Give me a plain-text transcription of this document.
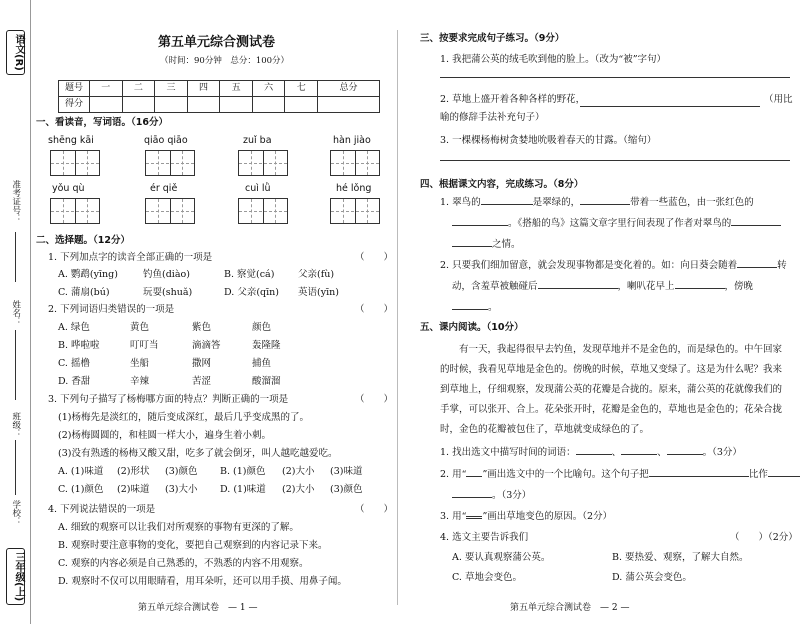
语文(R)
准考证号：
姓名：
班级：
学校：
三年级(上)
第五单元综合测试卷
（时间：90分钟　总分：100分）
题号	一	二	三	四	五	六	七	总分
得分								
一、看读音，写词语。（16分）
shēng kāi	qiāo qiāo	zuǐ ba	hàn jiào
yǒu qù	ér qiě	cuì lǜ	hé lǒng
二、选择题。（12分）
1. 下列加点字的读音全部正确的一项是	（　　）
A. 鹦鹉(yīng)	钓鱼(diào)	B. 察觉(cá) 父亲(fù)
C. 蒲扇(bú)	玩耍(shuǎ)	D. 父亲(qīn) 英语(yīn)
2. 下列词语归类错误的一项是	（　　）
A. 绿色	黄色	紫色	颜色
B. 哗啦啦	叮叮当	滴滴答	轰隆隆
C. 摇橹	坐船	撒网	捕鱼
D. 香甜	辛辣	苦涩	酸溜溜
3. 下列句子描写了杨梅哪方面的特点？判断正确的一项是	（　　）
(1)杨梅先是淡红的，随后变成深红，最后几乎变成黑的了。
(2)杨梅圆圆的，和桂圆一样大小，遍身生着小刺。
(3)没有熟透的杨梅又酸又甜，吃多了就会倒牙，叫人越吃越爱吃。
A. (1)味道 (2)形状 (3)颜色 B. (1)颜色 (2)大小 (3)味道
C. (1)颜色 (2)味道 (3)大小 D. (1)味道 (2)大小 (3)颜色
4. 下列说法错误的一项是	（　　）
A. 细致的观察可以让我们对所观察的事物有更深的了解。
B. 观察时要注意事物的变化，要把自己观察到的内容记录下来。
C. 观察的内容必须是自己熟悉的，不熟悉的内容不用观察。
D. 观察时不仅可以用眼睛看，用耳朵听，还可以用手摸、用鼻子闻。
第五单元综合测试卷　— 1 —
三、按要求完成句子练习。（9分）
1. 我把蒲公英的绒毛吹到他的脸上。（改为“被”字句）
2. 草地上盛开着各种各样的野花，	（用比
喻的修辞手法补充句子）
3. 一棵棵杨梅树贪婪地吮吸着春天的甘露。（缩句）
四、根据课文内容，完成练习。（8分）
1. 翠鸟的	是翠绿的，	带着一些蓝色，由一张红色的
。《搭船的鸟》这篇文章字里行间表现了作者对翠鸟的
之情。
2. 只要我们细加留意，就会发现事物都是变化着的。如：向日葵会随着	转
动，含羞草被触碰后	，喇叭花早上	，傍晚
。
五、课内阅读。（10分）
有一天，我起得很早去钓鱼，发现草地并不是金色的，而是绿色的。中午回家的时候，我看见草地是金色的。傍晚的时候，草地又变绿了。这是为什么呢？我来到草地上，仔细观察，发现蒲公英的花瓣是合拢的。原来，蒲公英的花就像我们的手掌，可以张开、合上。花朵张开时，花瓣是金色的，草地也是金色的；花朵合拢时，金色的花瓣被包住了，草地就变成绿色的了。
1. 找出选文中描写时间的词语：	、	、	。（3分）
2. 用“ ”画出选文中的一个比喻句。这个句子把	比作
。（3分）
3. 用“ ”画出草地变色的原因。（2分）
4. 选文主要告诉我们	（　　）（2分）
A. 要认真观察蒲公英。	B. 要热爱、观察，了解大自然。
C. 草地会变色。	D. 蒲公英会变色。
第五单元综合测试卷　— 2 —
